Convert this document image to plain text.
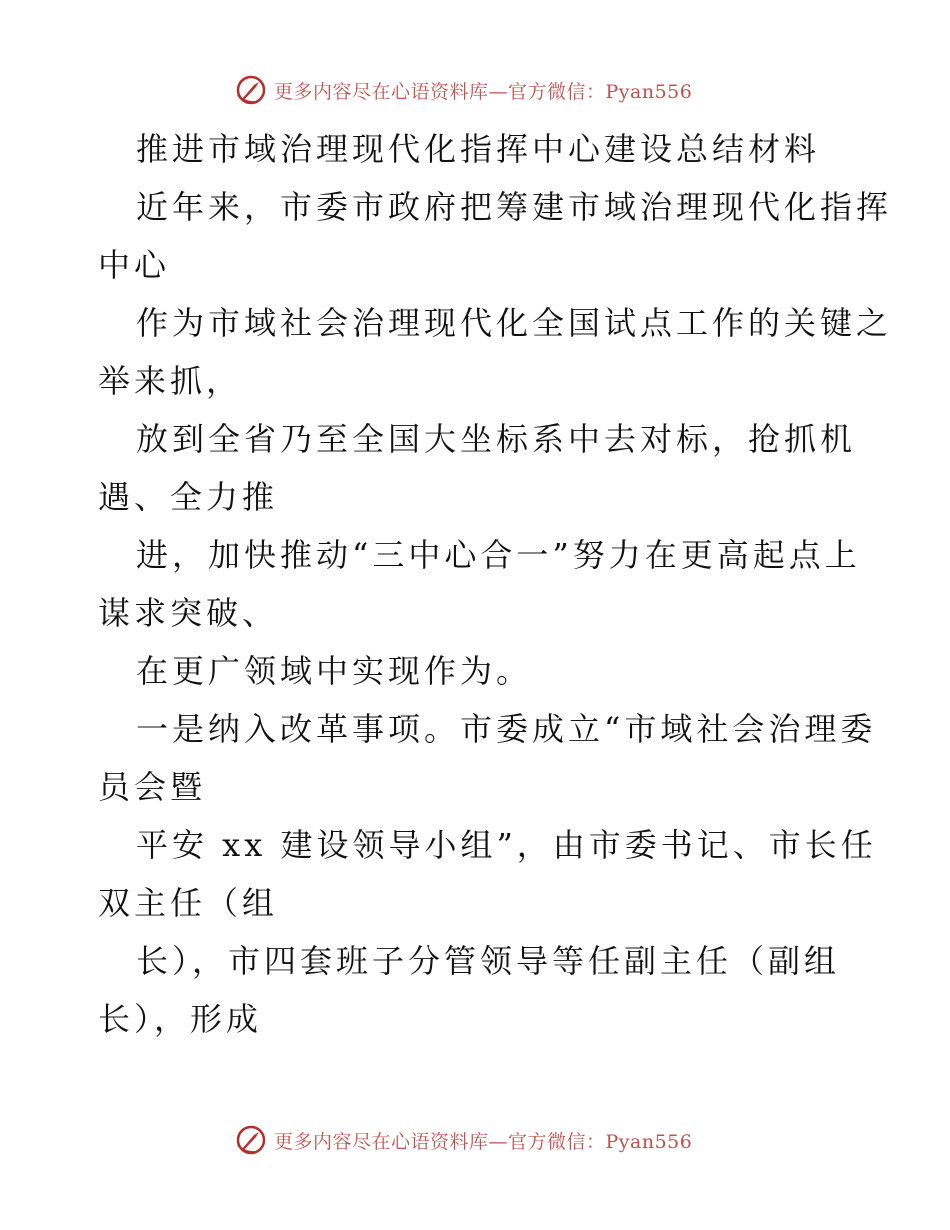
更多内容尽在心语资料库—官方微信：Pyan556
推进市域治理现代化指挥中心建设总结材料
近年来，市委市政府把筹建市域治理现代化指挥
中心
作为市域社会治理现代化全国试点工作的关键之
举来抓，
放到全省乃至全国大坐标系中去对标，抢抓机
遇、全力推
进，加快推动“三中心合一”努力在更高起点上
谋求突破、
在更广领域中实现作为。
一是纳入改革事项。市委成立“市域社会治理委
员会暨
平安 xx 建设领导小组”，由市委书记、市长任
双主任（组
长），市四套班子分管领导等任副主任（副组
长），形成
更多内容尽在心语资料库—官方微信：Pyan556
